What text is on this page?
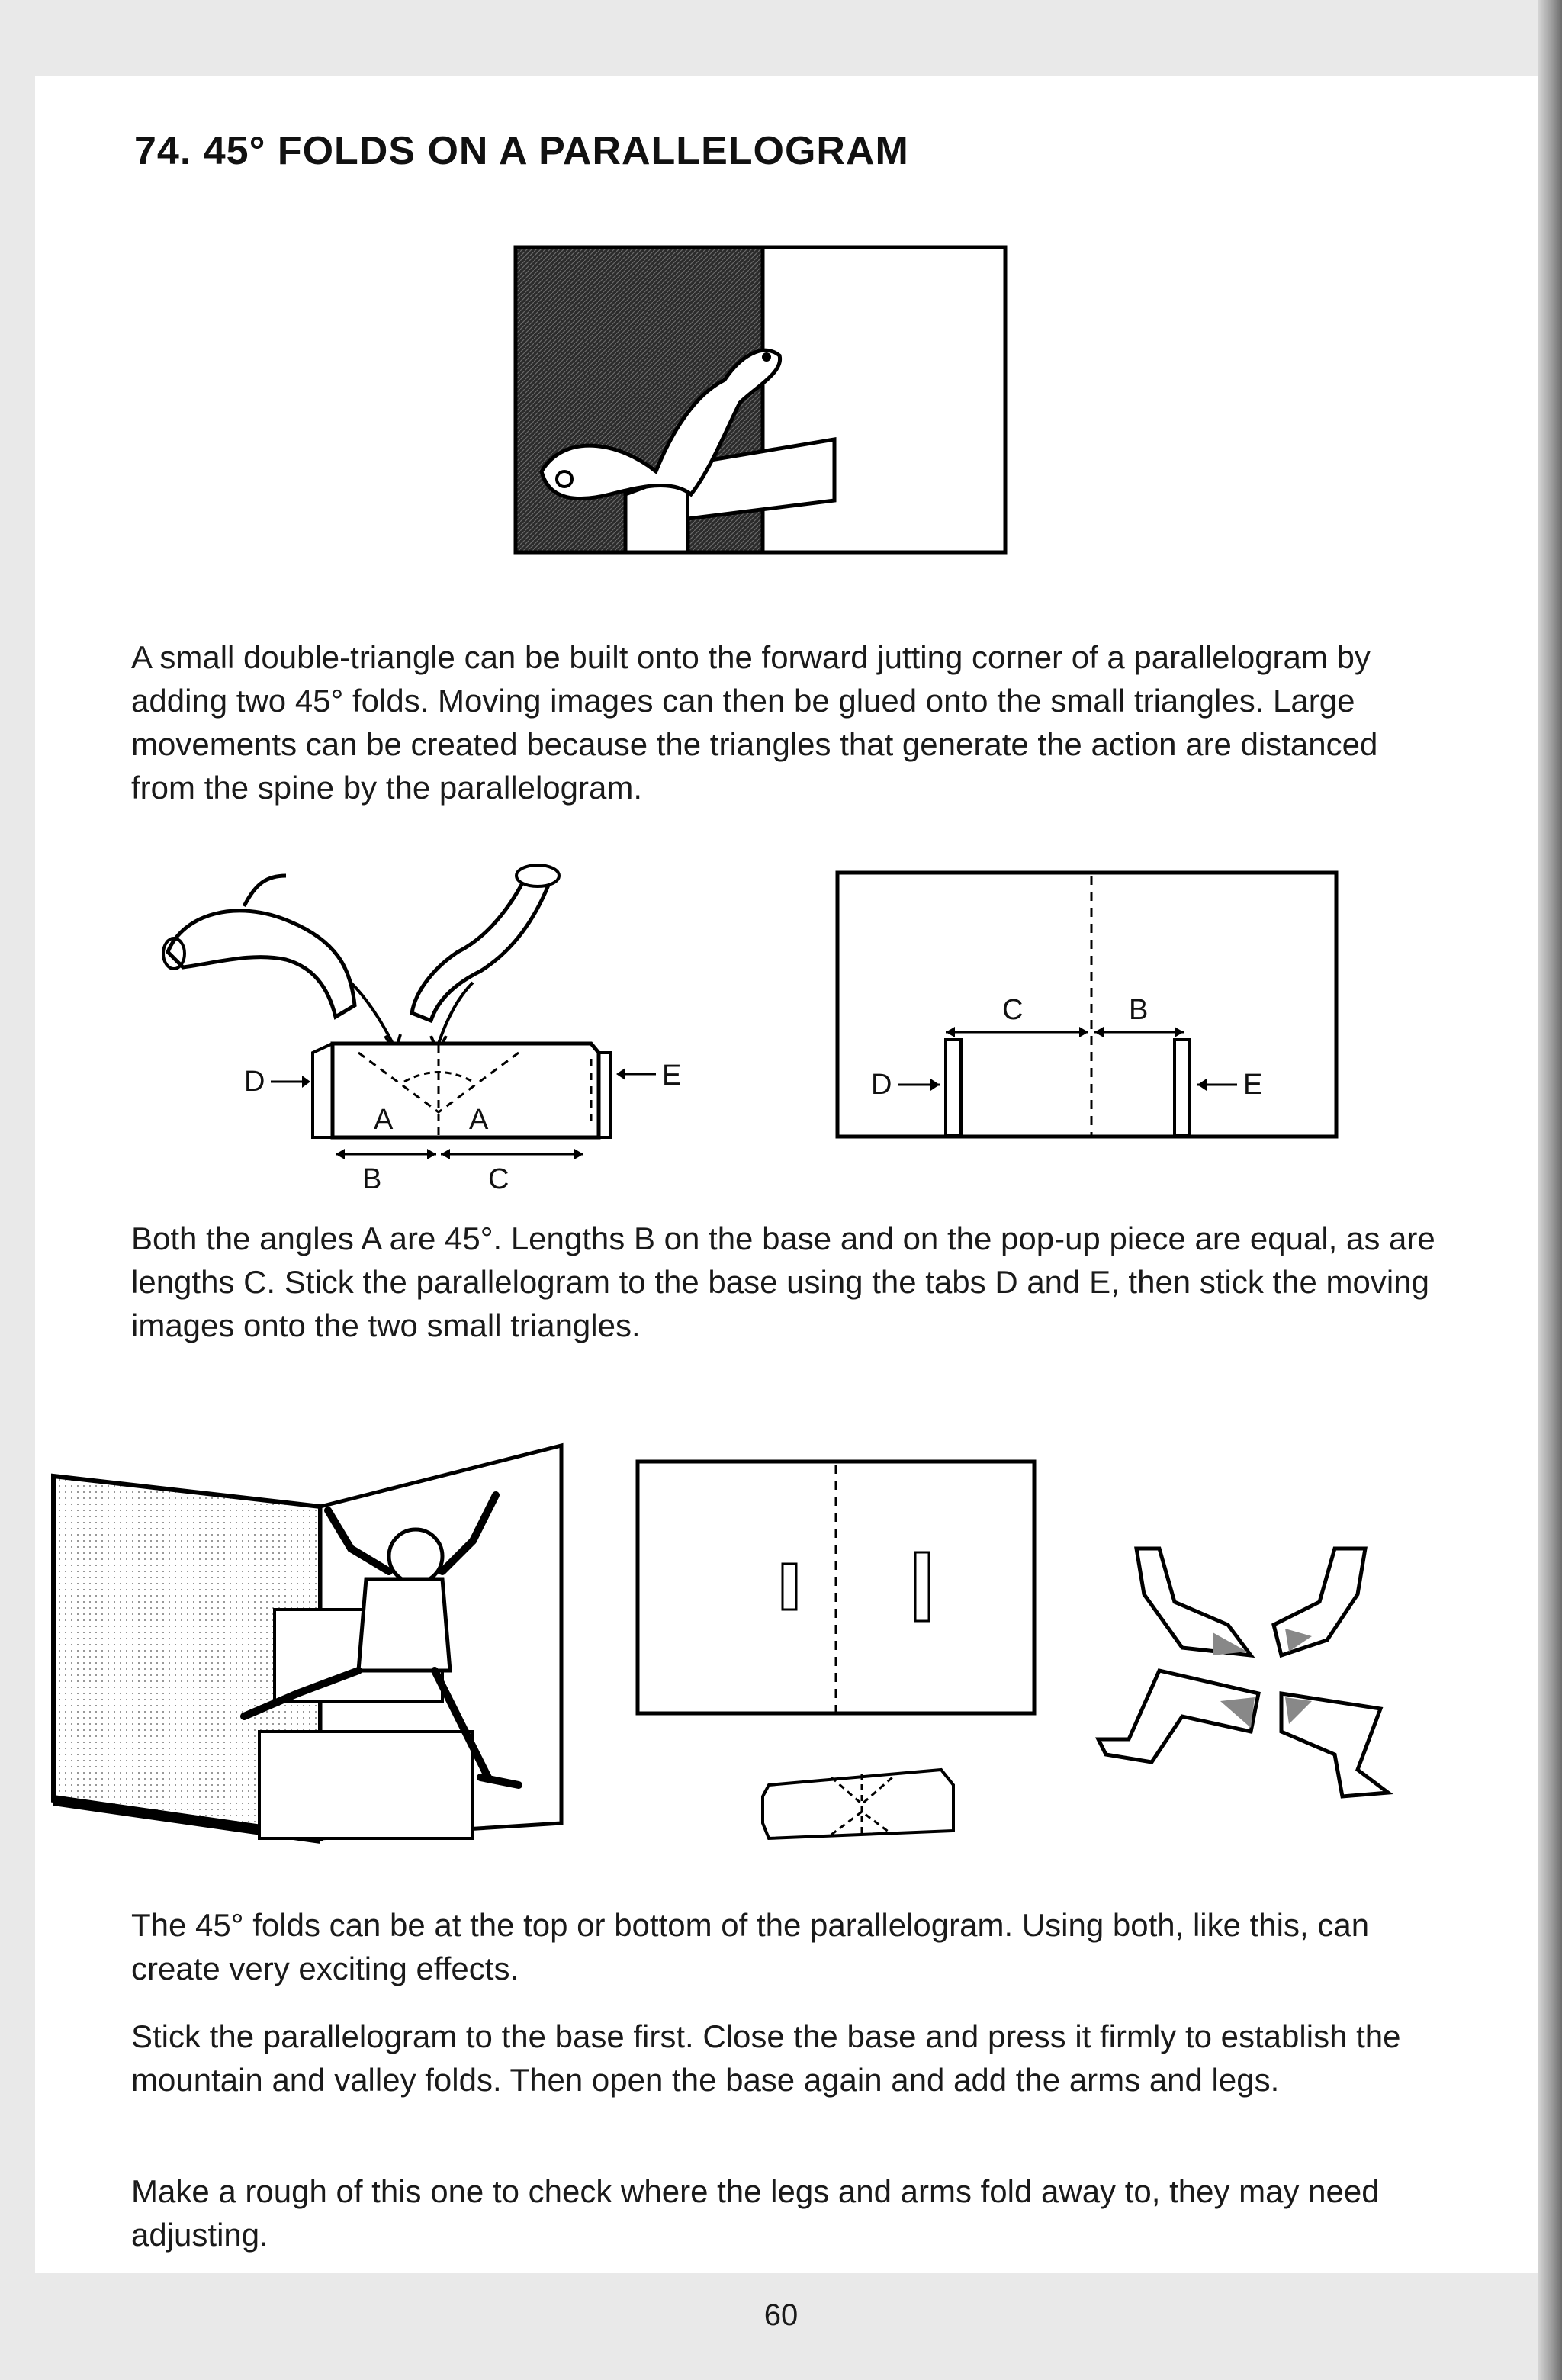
74. 45° FOLDS ON A PARALLELOGRAM

A small double-triangle can be built onto the forward jutting corner of a parallelogram by adding two 45° folds. Moving images can then be glued onto the small triangles. Large movements can be created because the triangles that generate the action are distanced from the spine by the parallelogram.

D	E
A	A
B	C
C	B
D	E

Both the angles A are 45°. Lengths B on the base and on the pop-up piece are equal, as are lengths C. Stick the parallelogram to the base using the tabs D and E, then stick the moving images onto the two small triangles.

The 45° folds can be at the top or bottom of the parallelogram. Using both, like this, can create very exciting effects.

Stick the parallelogram to the base first. Close the base and press it firmly to establish the mountain and valley folds. Then open the base again and add the arms and legs.

Make a rough of this one to check where the legs and arms fold away to, they may need adjusting.

60
